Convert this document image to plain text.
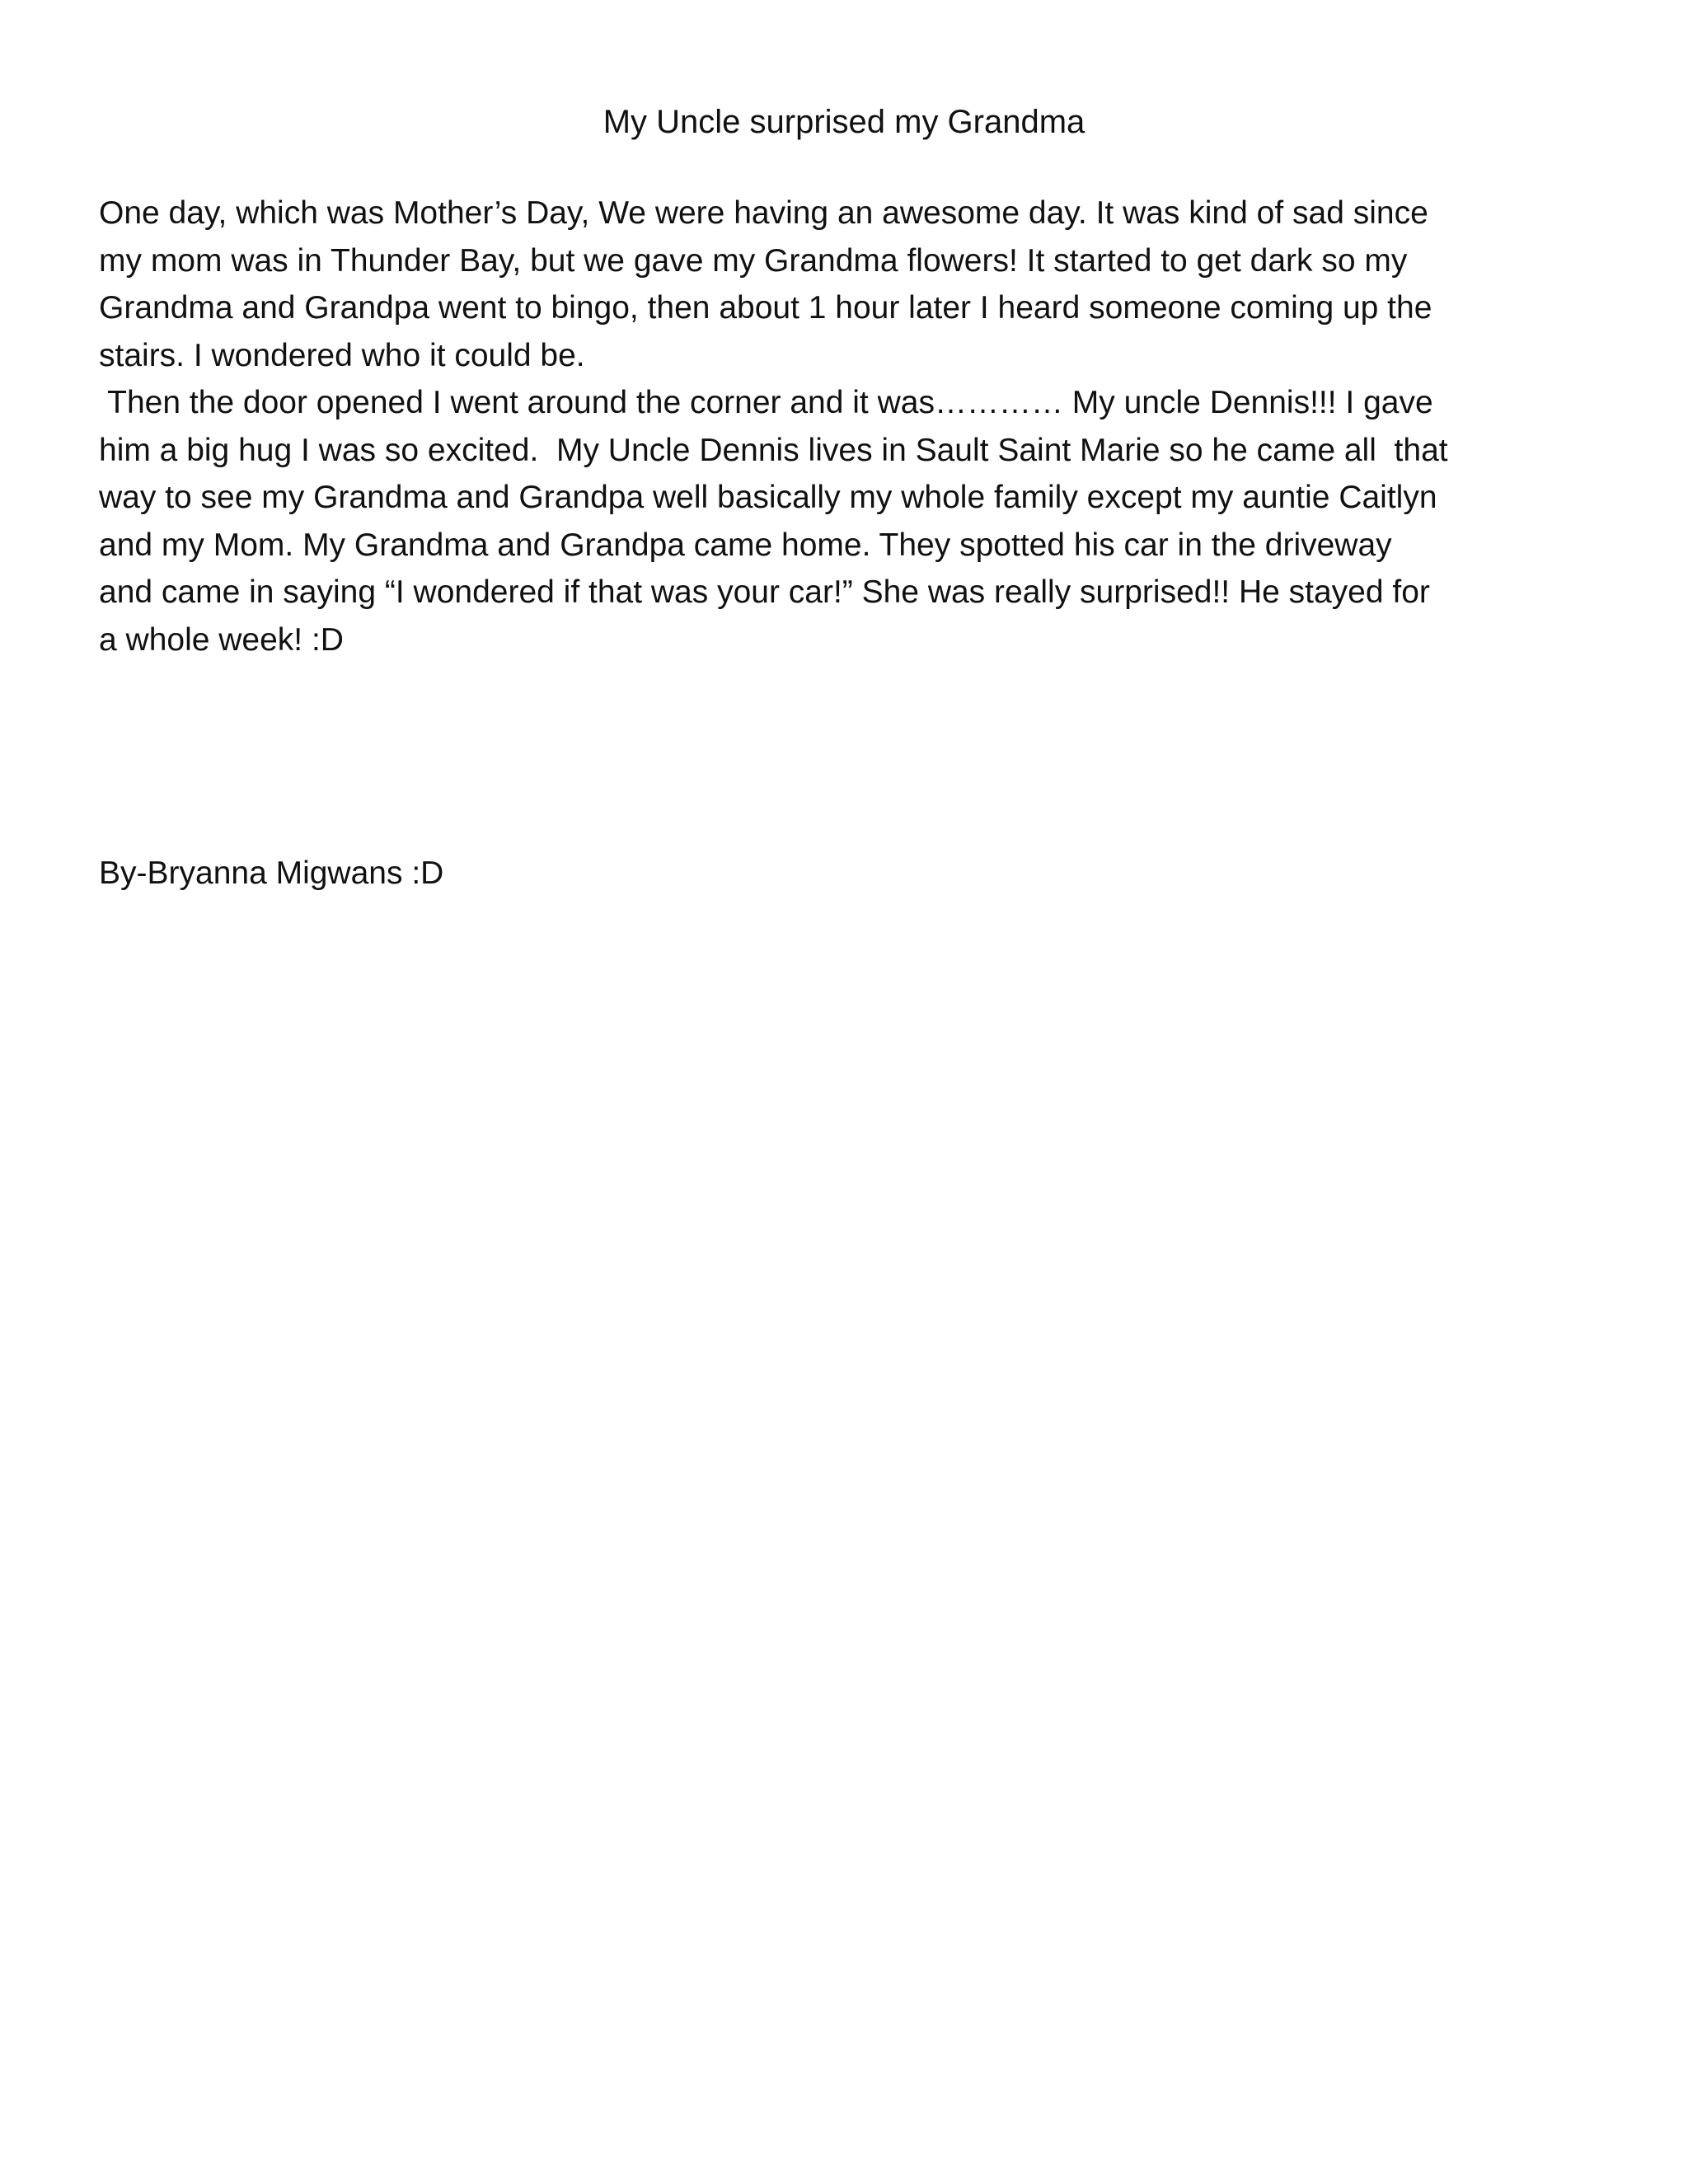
My Uncle surprised my Grandma
One day, which was Mother’s Day, We were having an awesome day. It was kind of sad since
my mom was in Thunder Bay, but we gave my Grandma flowers! It started to get dark so my
Grandma and Grandpa went to bingo, then about 1 hour later I heard someone coming up the
stairs. I wondered who it could be.
Then the door opened I went around the corner and it was………… My uncle Dennis!!! I gave
him a big hug I was so excited.  My Uncle Dennis lives in Sault Saint Marie so he came all  that
way to see my Grandma and Grandpa well basically my whole family except my auntie Caitlyn
and my Mom. My Grandma and Grandpa came home. They spotted his car in the driveway
and came in saying “I wondered if that was your car!” She was really surprised!! He stayed for
a whole week! :D
By-Bryanna Migwans :D
